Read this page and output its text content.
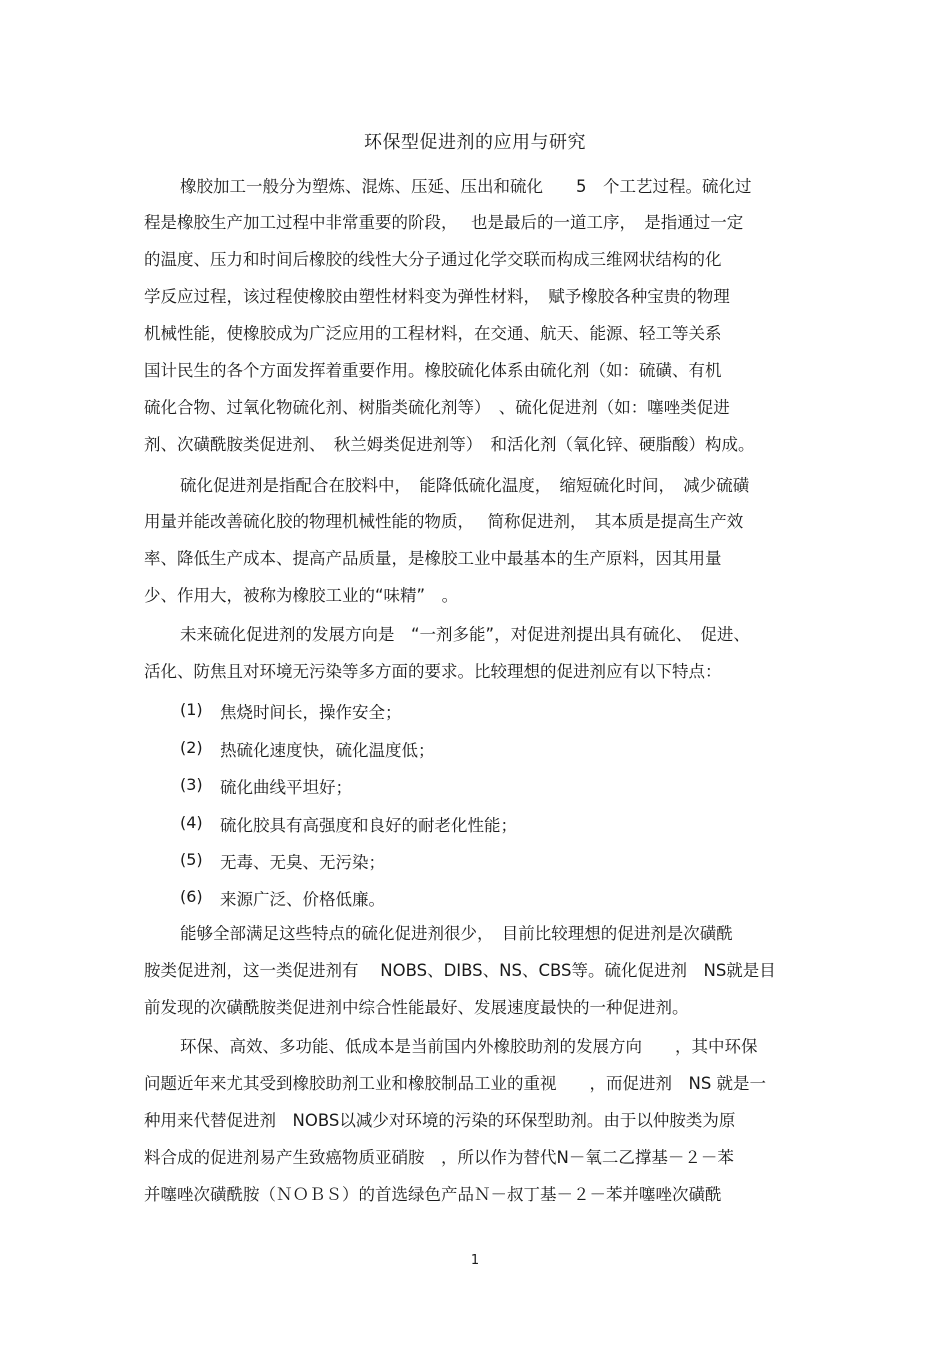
环保型促进剂的应用与研究
橡胶加工一般分为塑炼、混炼、压延、压出和硫化　　5　个工艺过程。硫化过
程是橡胶生产加工过程中非常重要的阶段，　 也是最后的一道工序，　是指通过一定
的温度、压力和时间后橡胶的线性大分子通过化学交联而构成三维网状结构的化
学反应过程，该过程使橡胶由塑性材料变为弹性材料，　赋予橡胶各种宝贵的物理
机械性能，使橡胶成为广泛应用的工程材料，在交通、航天、能源、轻工等关系
国计民生的各个方面发挥着重要作用。橡胶硫化体系由硫化剂（如：硫磺、有机
硫化合物、过氧化物硫化剂、树脂类硫化剂等）　、硫化促进剂（如：噻唑类促进
剂、次磺酰胺类促进剂、　秋兰姆类促进剂等）　和活化剂（氧化锌、硬脂酸）构成。
硫化促进剂是指配合在胶料中，　能降低硫化温度，　缩短硫化时间，　减少硫磺
用量并能改善硫化胶的物理机械性能的物质，　 简称促进剂，　其本质是提高生产效
率、降低生产成本、提高产品质量，是橡胶工业中最基本的生产原料，因其用量
少、作用大，被称为橡胶工业的“味精”　。
未来硫化促进剂的发展方向是　“一剂多能”，对促进剂提出具有硫化、　促进、
活化、防焦且对环境无污染等多方面的要求。比较理想的促进剂应有以下特点：
(1) 焦烧时间长，操作安全；
(2) 热硫化速度快，硫化温度低；
(3) 硫化曲线平坦好；
(4) 硫化胶具有高强度和良好的耐老化性能；
(5) 无毒、无臭、无污染；
(6) 来源广泛、价格低廉。
能够全部满足这些特点的硫化促进剂很少，　目前比较理想的促进剂是次磺酰
胺类促进剂，这一类促进剂有　 NOBS、DIBS、NS、CBS等。硫化促进剂　NS就是目
前发现的次磺酰胺类促进剂中综合性能最好、发展速度最快的一种促进剂。
环保、高效、多功能、低成本是当前国内外橡胶助剂的发展方向　　，其中环保
问题近年来尤其受到橡胶助剂工业和橡胶制品工业的重视　　，而促进剂　NS 就是一
种用来代替促进剂　NOBS以减少对环境的污染的环保型助剂。由于以仲胺类为原
料合成的促进剂易产生致癌物质亚硝胺　，所以作为替代N－氧二乙撑基－２－苯
并噻唑次磺酰胺（ＮＯＢＳ）的首选绿色产品Ｎ－叔丁基－２－苯并噻唑次磺酰
1
